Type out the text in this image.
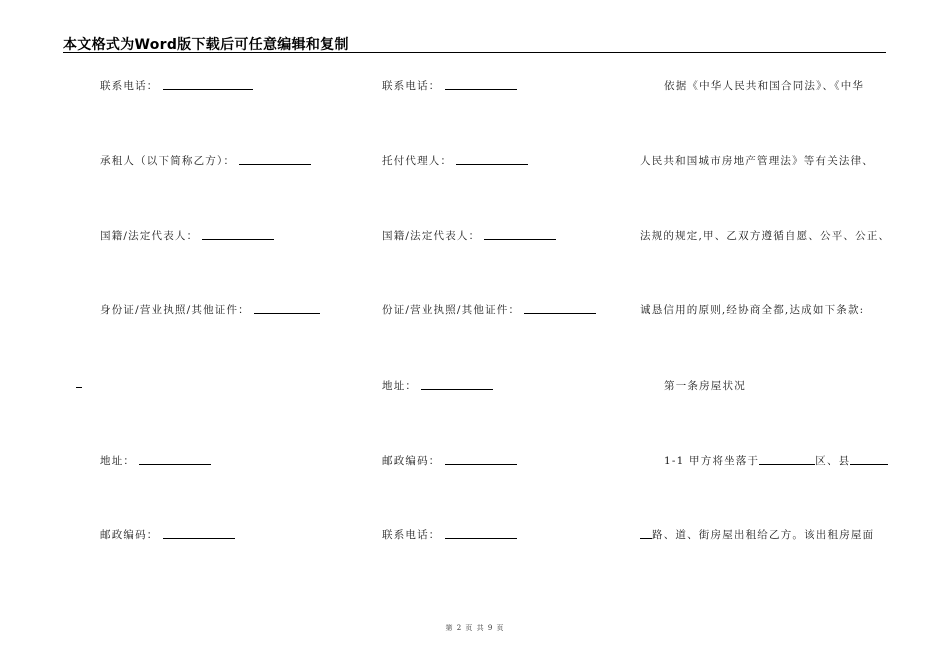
本文格式为Word版下载后可任意编辑和复制
联系电话：
承租人（以下简称乙方）：
国籍/法定代表人：
身份证/营业执照/其他证件：
地址：
邮政编码：
联系电话：
托付代理人：
国籍/法定代表人：
份证/营业执照/其他证件：
地址：
邮政编码：
联系电话：
依据《中华人民共和国合同法》、《中华
人民共和国城市房地产管理法》等有关法律、
法规的规定,甲、乙双方遵循自愿、公平、公正、
诚恳信用的原则,经协商全都,达成如下条款:
第一条房屋状况
1-1 甲方将坐落于	区、县
路、道、街房屋出租给乙方。该出租房屋面
第 2 页 共 9 页
